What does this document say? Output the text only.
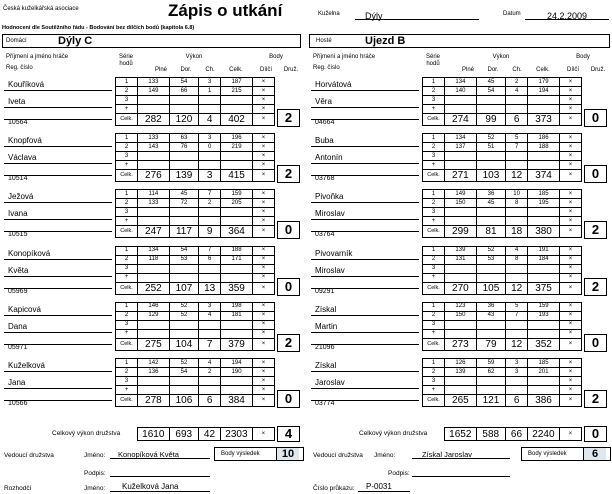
Česká kuželkářská asociace	Zápis o utkání	Kuželna	Dýly	Datum	24.2.2009
Hodnocení dle Soutěžního řádu - Bodování bez dílčích bodů (kapitola 6.8)
Domácí	Dýly C	Hosté	Ujezd B
Příjmení a jméno hráče
Reg. číslo
Série hodů
Výkon
Plné	Dor.	Ch.	Celk.
Body
Dílčí	Druž.
Příjmení a jméno hráče
Reg. číslo
Série hodů
Výkon
Plné	Dor.	Ch.	Celk.
Body
Dílčí	Druž.
Kouříková
Iveta
10564
1	133	54	3	187	×
2	149	66	1	215	×
3					×
+					×
Celk.	282	120	4	402	×	2
Knopfová
Václava
10514
1	133	63	3	196	×
2	143	76	0	219	×
3					×
+					×
Celk.	276	139	3	415	×	2
Ježová
Ivana
10515
1	114	45	7	159	×
2	133	72	2	205	×
3					×
+					×
Celk.	247	117	9	364	×	0
Konopíková
Květa
05969
1	134	54	7	188	×
2	118	53	6	171	×
3					×
+					×
Celk.	252	107	13	359	×	0
Kapicová
Dana
05971
1	146	52	3	198	×
2	129	52	4	181	×
3					×
+					×
Celk.	275	104	7	379	×	2
Kuželková
Jana
10566
1	142	52	4	194	×
2	136	54	2	190	×
3					×
+					×
Celk.	278	106	6	384	×	0
Horvátová
Věra
04664
1	134	45	2	179	×
2	140	54	4	194	×
3					×
+					×
Celk.	274	99	6	373	×	0
Buba
Antonín
03768
1	134	52	5	186	×
2	137	51	7	188	×
3					×
+					×
Celk.	271	103	12	374	×	0
Pivoňka
Miroslav
03764
1	149	36	10	185	×
2	150	45	8	195	×
3					×
+					×
Celk.	299	81	18	380	×	2
Pivovarník
Miroslav
09291
1	139	52	4	191	×
2	131	53	8	184	×
3					×
+					×
Celk.	270	105	12	375	×	2
Získal
Martin
21096
1	123	36	5	159	×
2	150	43	7	193	×
3					×
+					×
Celk.	273	79	12	352	×	0
Získal
Jaroslav
03774
1	126	59	3	185	×
2	139	62	3	201	×
3					×
+					×
Celk.	265	121	6	386	×	2
Celkový výkon družstva 1610	693	42	2303	×	4
Body výsledek	10
Celkový výkon družstva 1652	588	66	2240	×	0
Body výsledek	6
Vedoucí družstva	Jméno: Konopíková Květa
Podpis:
Rozhodčí	Jméno: Kuželková Jana
Vedoucí družstva Jméno:	Získal Jaroslav
Podpis:
Číslo průkazu: P-0031
